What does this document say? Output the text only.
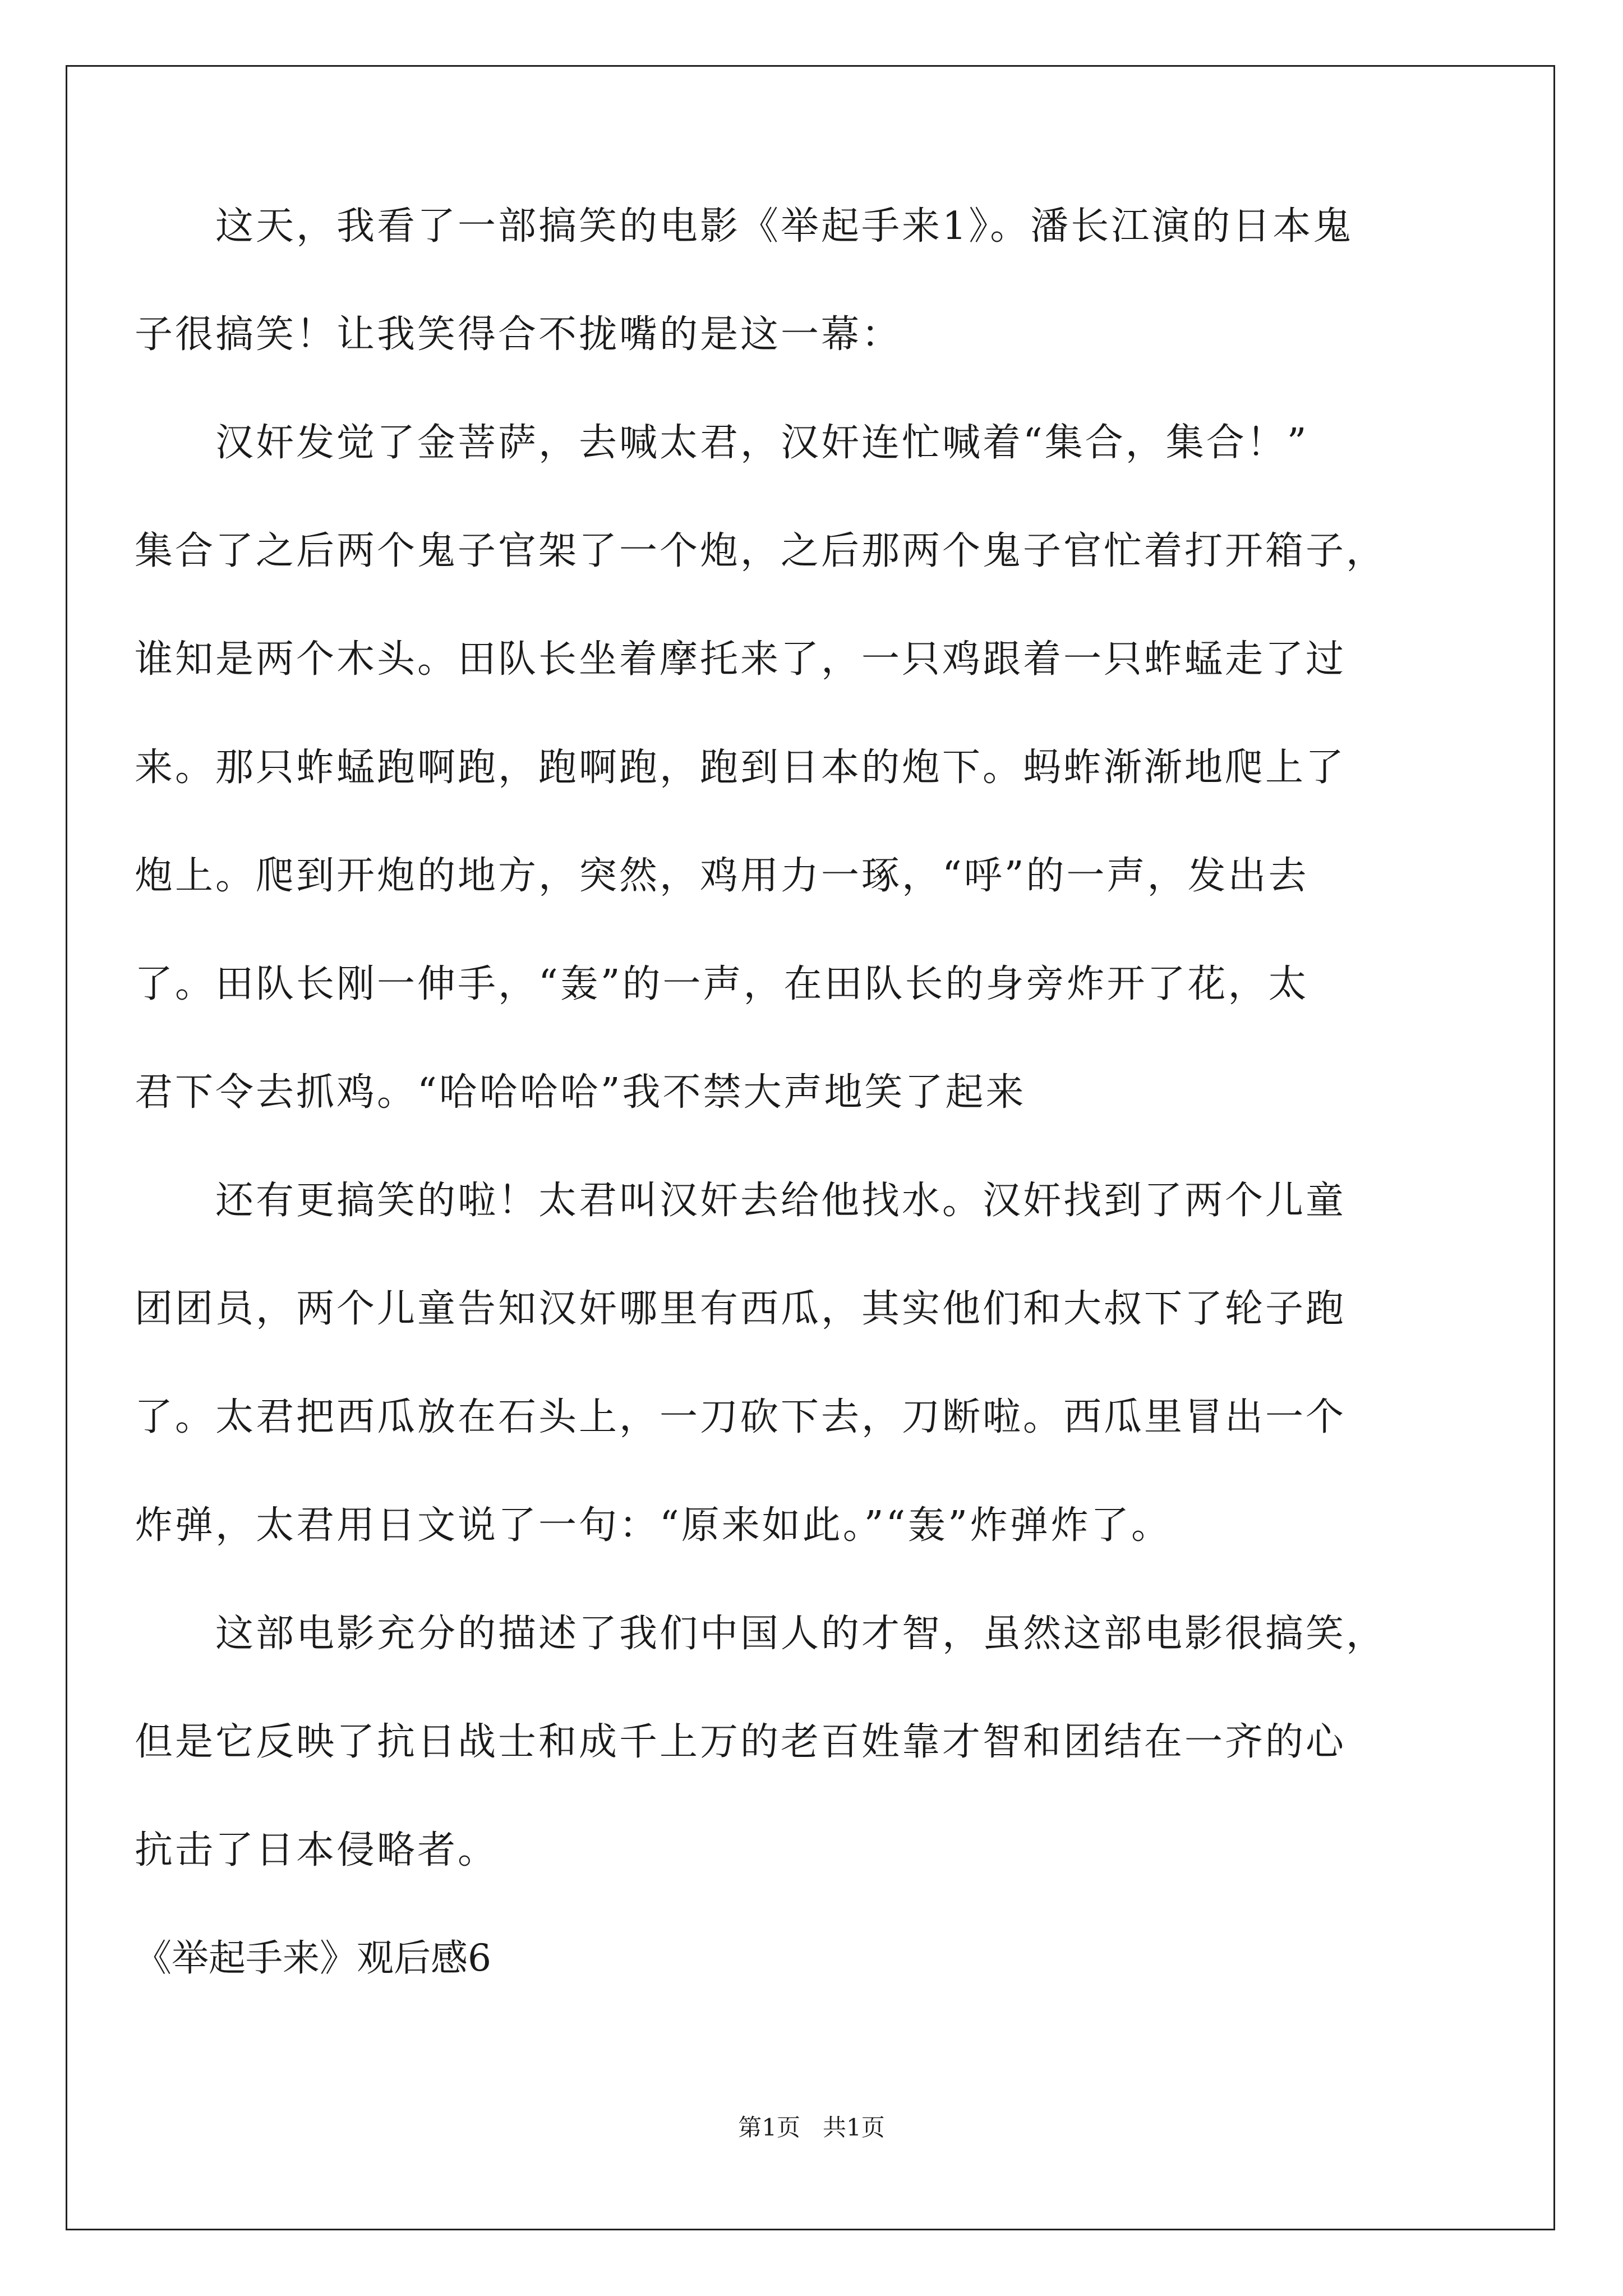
这天，我看了一部搞笑的电影《举起手来1》。潘长江演的日本鬼
子很搞笑！让我笑得合不拢嘴的是这一幕：
汉奸发觉了金菩萨，去喊太君，汉奸连忙喊着“集合，集合！”
集合了之后两个鬼子官架了一个炮，之后那两个鬼子官忙着打开箱子，
谁知是两个木头。田队长坐着摩托来了，一只鸡跟着一只蚱蜢走了过
来。那只蚱蜢跑啊跑，跑啊跑，跑到日本的炮下。蚂蚱渐渐地爬上了
炮上。爬到开炮的地方，突然，鸡用力一琢，“呼”的一声，发出去
了。田队长刚一伸手，“轰”的一声，在田队长的身旁炸开了花，太
君下令去抓鸡。“哈哈哈哈”我不禁大声地笑了起来
还有更搞笑的啦！太君叫汉奸去给他找水。汉奸找到了两个儿童
团团员，两个儿童告知汉奸哪里有西瓜，其实他们和大叔下了轮子跑
了。太君把西瓜放在石头上，一刀砍下去，刀断啦。西瓜里冒出一个
炸弹，太君用日文说了一句：“原来如此。”“轰”炸弹炸了。
这部电影充分的描述了我们中国人的才智，虽然这部电影很搞笑，
但是它反映了抗日战士和成千上万的老百姓靠才智和团结在一齐的心
抗击了日本侵略者。
《举起手来》观后感6
第1页   共1页
